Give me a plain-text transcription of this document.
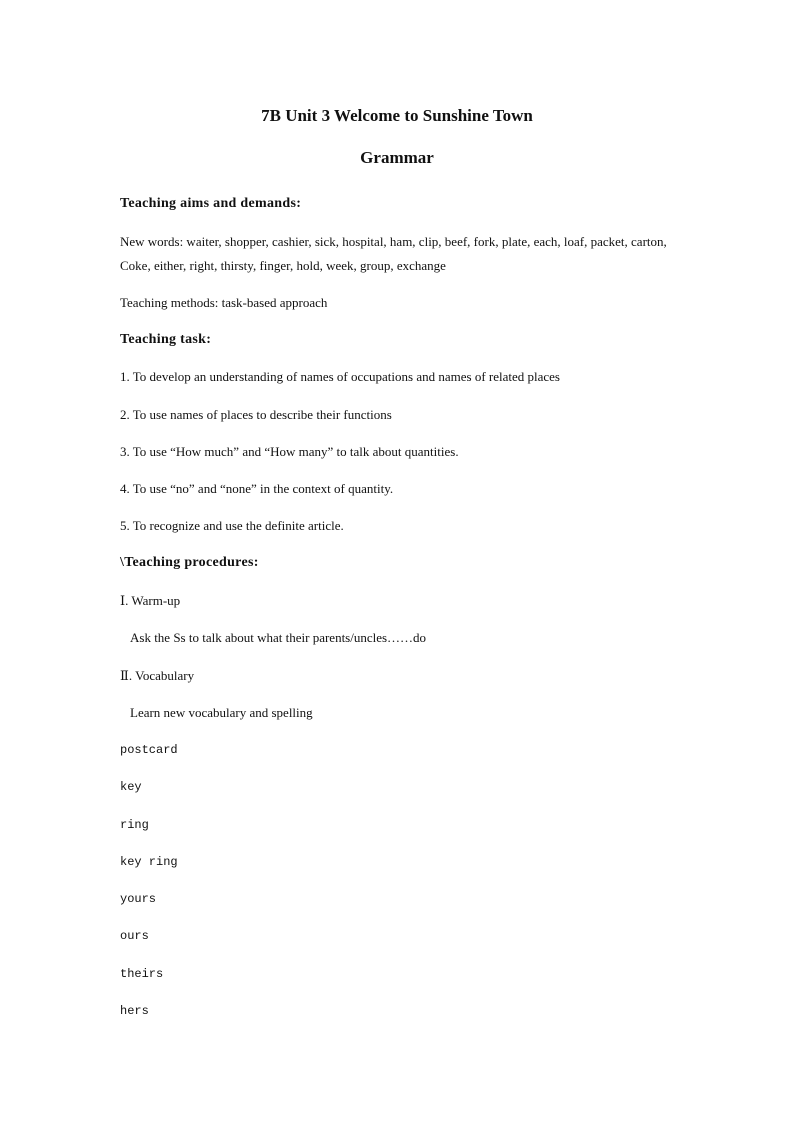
7B Unit 3 Welcome to Sunshine Town
Grammar
Teaching aims and demands:
New words: waiter, shopper, cashier, sick, hospital, ham, clip, beef, fork, plate, each, loaf, packet, carton, Coke, either, right, thirsty, finger, hold, week, group, exchange
Teaching methods: task-based approach
Teaching task:
1. To develop an understanding of names of occupations and names of related places
2. To use names of places to describe their functions
3. To use “How much” and “How many” to talk about quantities.
4. To use “no” and “none” in the context of quantity.
5. To recognize and use the definite article.
\Teaching procedures:
Ⅰ. Warm-up
Ask the Ss to talk about what their parents/uncles……do
Ⅱ. Vocabulary
Learn new vocabulary and spelling
postcard
key
ring
key ring
yours
ours
theirs
hers
